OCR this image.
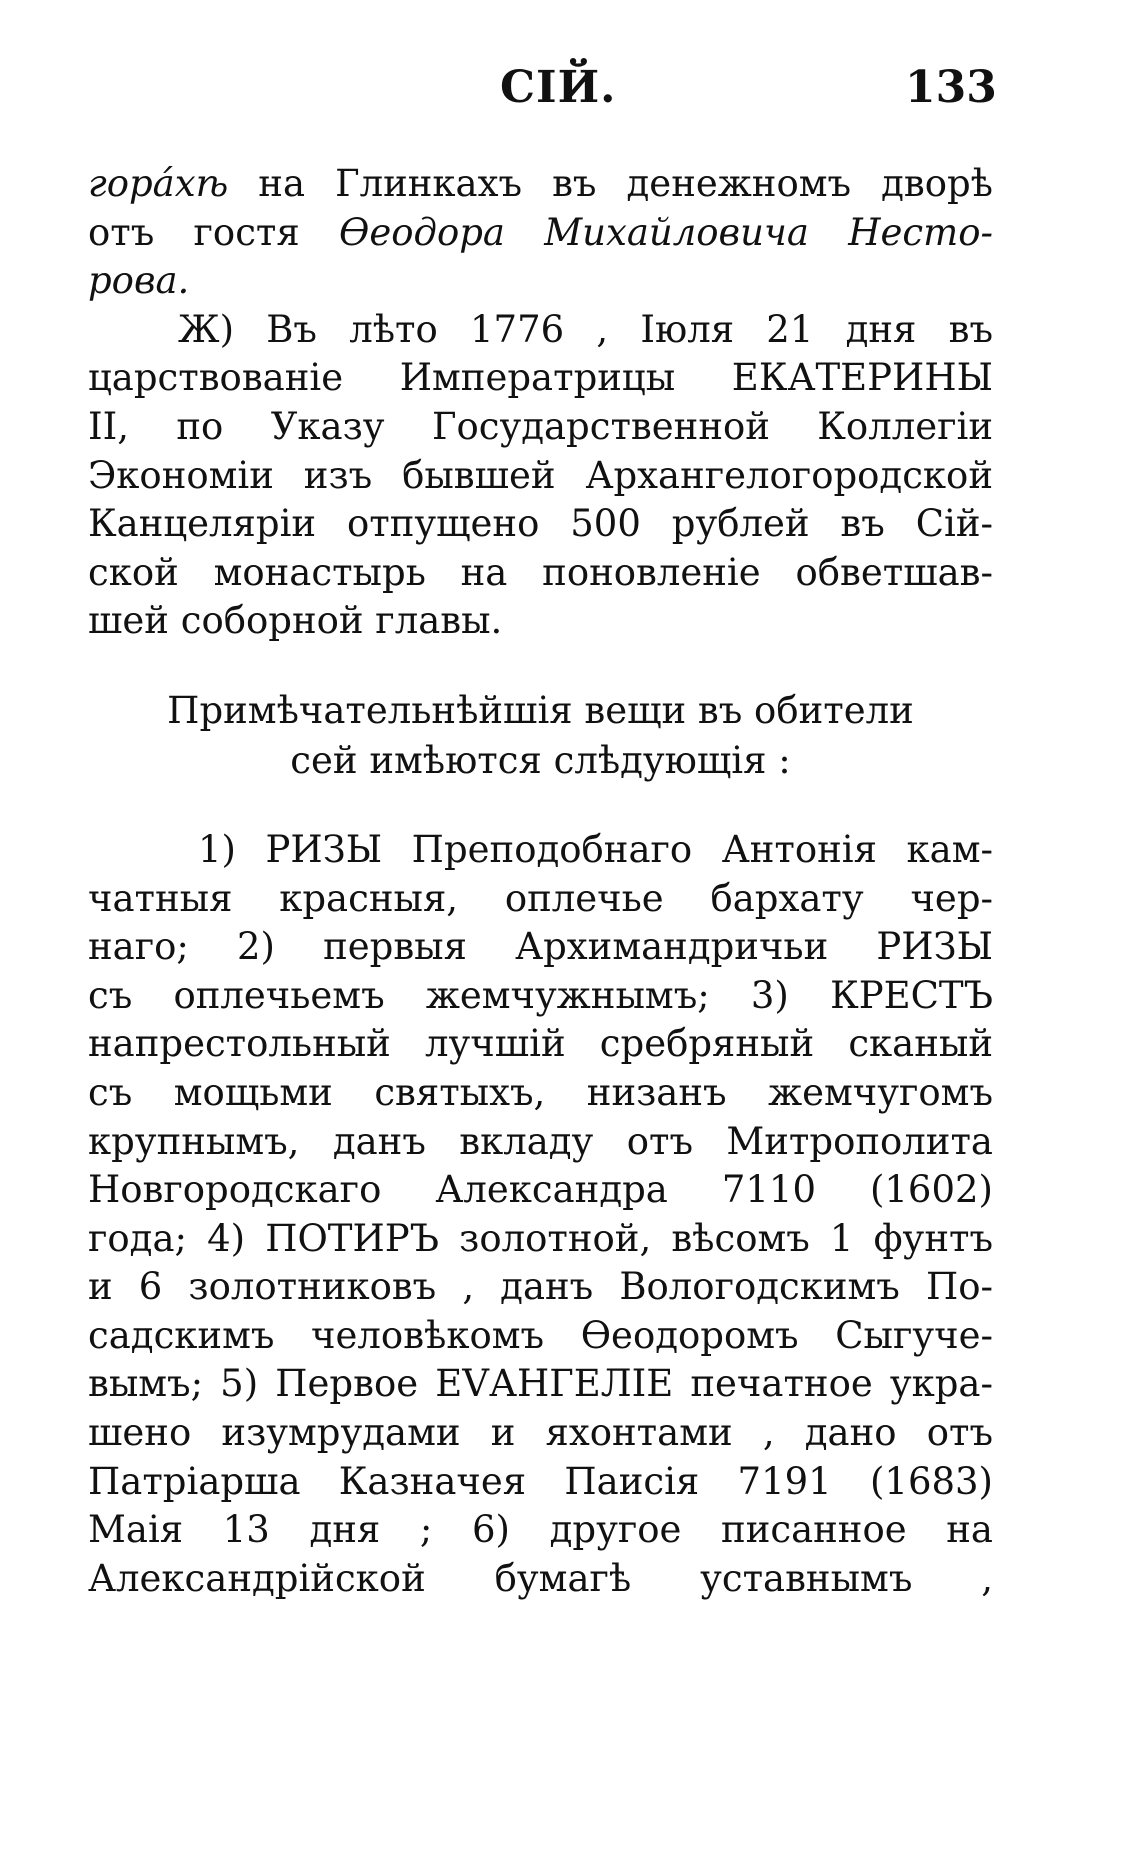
СІЙ.	133
гора́хѣ на Глинкахъ въ денежномъ дворѣ
отъ гостя Ѳеодора Михайловича Несто-
рова.
Ж) Въ лѣто 1776 , Іюля 21 дня въ
царствованіе Императрицы ЕКАТЕРИНЫ
II, по Указу Государственной Коллегіи
Экономіи изъ бывшей Архангелогородской
Канцеляріи отпущено 500 рублей въ Сій-
ской монастырь на поновленіе обветшав-
шей соборной главы.
Примѣчательнѣйшія вещи въ обители
сей имѣются слѣдующія :
1) РИЗЫ Преподобнаго Антонія кам-
чатныя красныя, оплечье бархату чер-
наго; 2) первыя Архимандричьи РИЗЫ
съ оплечьемъ жемчужнымъ; 3) КРЕСТЪ
напрестольный лучшій сребряный сканый
съ мощьми святыхъ, низанъ жемчугомъ
крупнымъ, данъ вкладу отъ Митрополита
Новгородскаго Александра 7110 (1602)
года; 4) ПОТИРЪ золотной, вѣсомъ 1 фунтъ
и 6 золотниковъ , данъ Вологодскимъ По-
садскимъ человѣкомъ Ѳеодоромъ Сыгуче-
вымъ; 5) Первое ЕVАНГЕЛІЕ печатное укра-
шено изумрудами и яхонтами , дано отъ
Патріарша Казначея Паисія 7191 (1683)
Маія 13 дня ; 6) другое писанное на
Александрійской бумагѣ уставнымъ ,
